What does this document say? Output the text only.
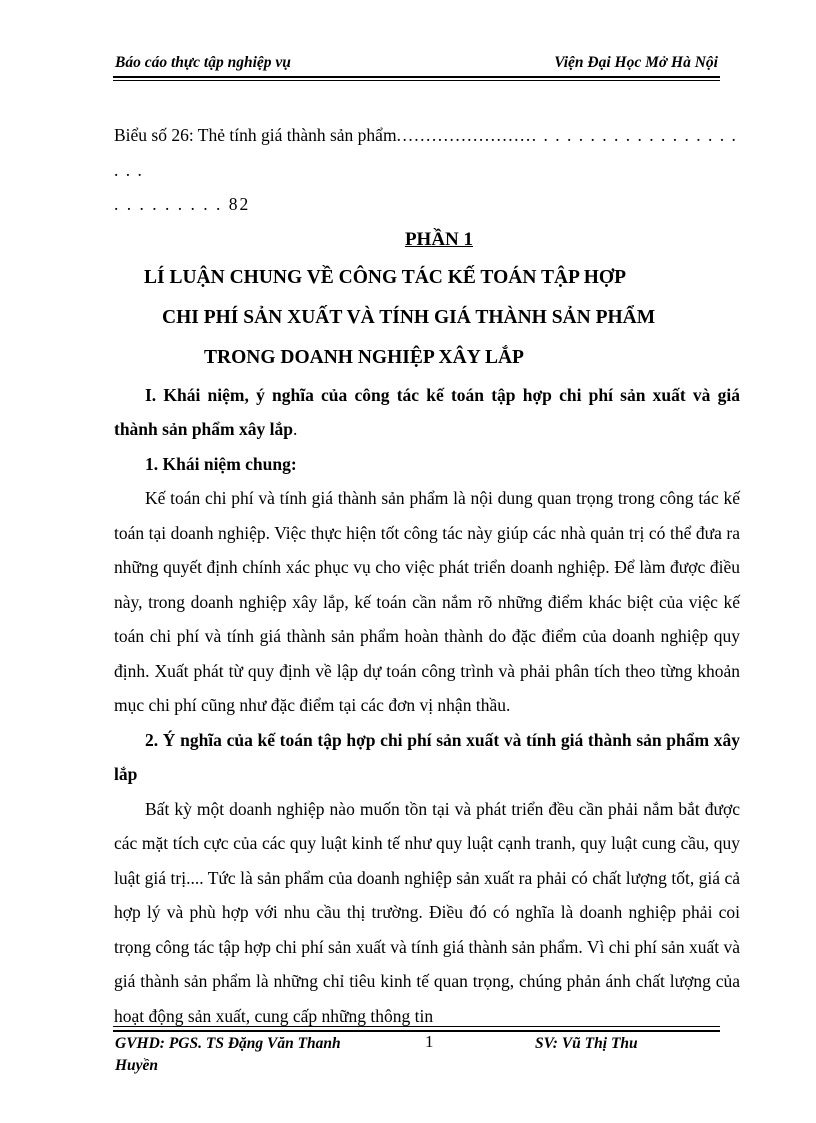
Báo cáo thực tập nghiệp vụ	Viện Đại Học Mở Hà Nội

Biểu số 26: Thẻ tính giá thành sản phẩm........................ . . . . . . . . . . . . . . . . . . . .

. . . . . . . . . 82

PHẦN 1

LÍ LUẬN CHUNG VỀ CÔNG TÁC KẾ TOÁN TẬP HỢP

CHI PHÍ SẢN XUẤT VÀ TÍNH GIÁ THÀNH SẢN PHẨM

TRONG DOANH NGHIỆP XÂY LẮP

I. Khái niệm, ý nghĩa của công tác kế toán tập hợp chi phí sản xuất và giá thành sản phẩm xây lắp.

1. Khái niệm chung:

Kế toán chi phí và tính giá thành sản phẩm là nội dung quan trọng trong công tác kế toán tại doanh nghiệp. Việc thực hiện tốt công tác này giúp các nhà quản trị có thể đưa ra những quyết định chính xác phục vụ cho việc phát triển doanh nghiệp. Để làm được điều này, trong doanh nghiệp xây lắp, kế toán cần nắm rõ những điểm khác biệt của việc kế toán chi phí và tính giá thành sản phẩm hoàn thành do đặc điểm của doanh nghiệp quy định. Xuất phát từ quy định về lập dự toán công trình và phải phân tích theo từng khoản mục chi phí cũng như đặc điểm tại các đơn vị nhận thầu.

2. Ý nghĩa của kế toán tập hợp chi phí sản xuất và tính giá thành sản phẩm xây lắp

Bất kỳ một doanh nghiệp nào muốn tồn tại và phát triển đều cần phải nắm bắt được các mặt tích cực của các quy luật kinh tế như quy luật cạnh tranh, quy luật cung cầu, quy luật giá trị.... Tức là sản phẩm của doanh nghiệp sản xuất ra phải có chất lượng tốt, giá cả hợp lý và phù hợp với nhu cầu thị trường. Điều đó có nghĩa là doanh nghiệp phải coi trọng công tác tập hợp chi phí sản xuất và tính giá thành sản phẩm. Vì chi phí sản xuất và giá thành sản phẩm là những chỉ tiêu kinh tế quan trọng, chúng phản ánh chất lượng của hoạt động sản xuất, cung cấp những thông tin

GVHD: PGS. TS Đặng Văn Thanh Huyền
1	SV: Vũ Thị Thu
